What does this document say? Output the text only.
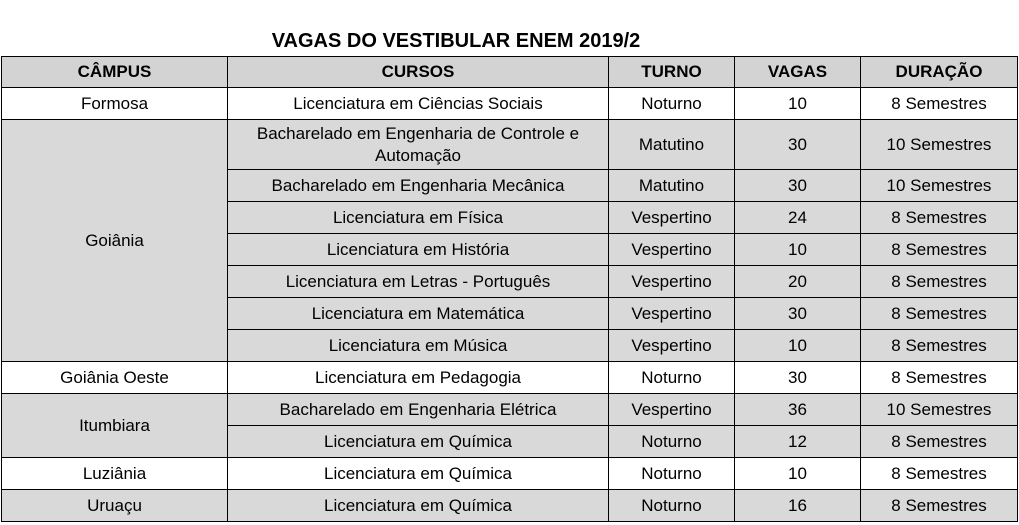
VAGAS DO VESTIBULAR ENEM 2019/2
CÂMPUS	CURSOS	TURNO	VAGAS	DURAÇÃO
Formosa	Licenciatura em Ciências Sociais	Noturno	10	8 Semestres
Goiânia	Bacharelado em Engenharia de Controle e Automação	Matutino	30	10 Semestres
	Bacharelado em Engenharia Mecânica	Matutino	30	10 Semestres
	Licenciatura em Física	Vespertino	24	8 Semestres
	Licenciatura em História	Vespertino	10	8 Semestres
	Licenciatura em Letras - Português	Vespertino	20	8 Semestres
	Licenciatura em Matemática	Vespertino	30	8 Semestres
	Licenciatura em Música	Vespertino	10	8 Semestres
Goiânia Oeste	Licenciatura em Pedagogia	Noturno	30	8 Semestres
Itumbiara	Bacharelado em Engenharia Elétrica	Vespertino	36	10 Semestres
	Licenciatura em Química	Noturno	12	8 Semestres
Luziânia	Licenciatura em Química	Noturno	10	8 Semestres
Uruaçu	Licenciatura em Química	Noturno	16	8 Semestres
